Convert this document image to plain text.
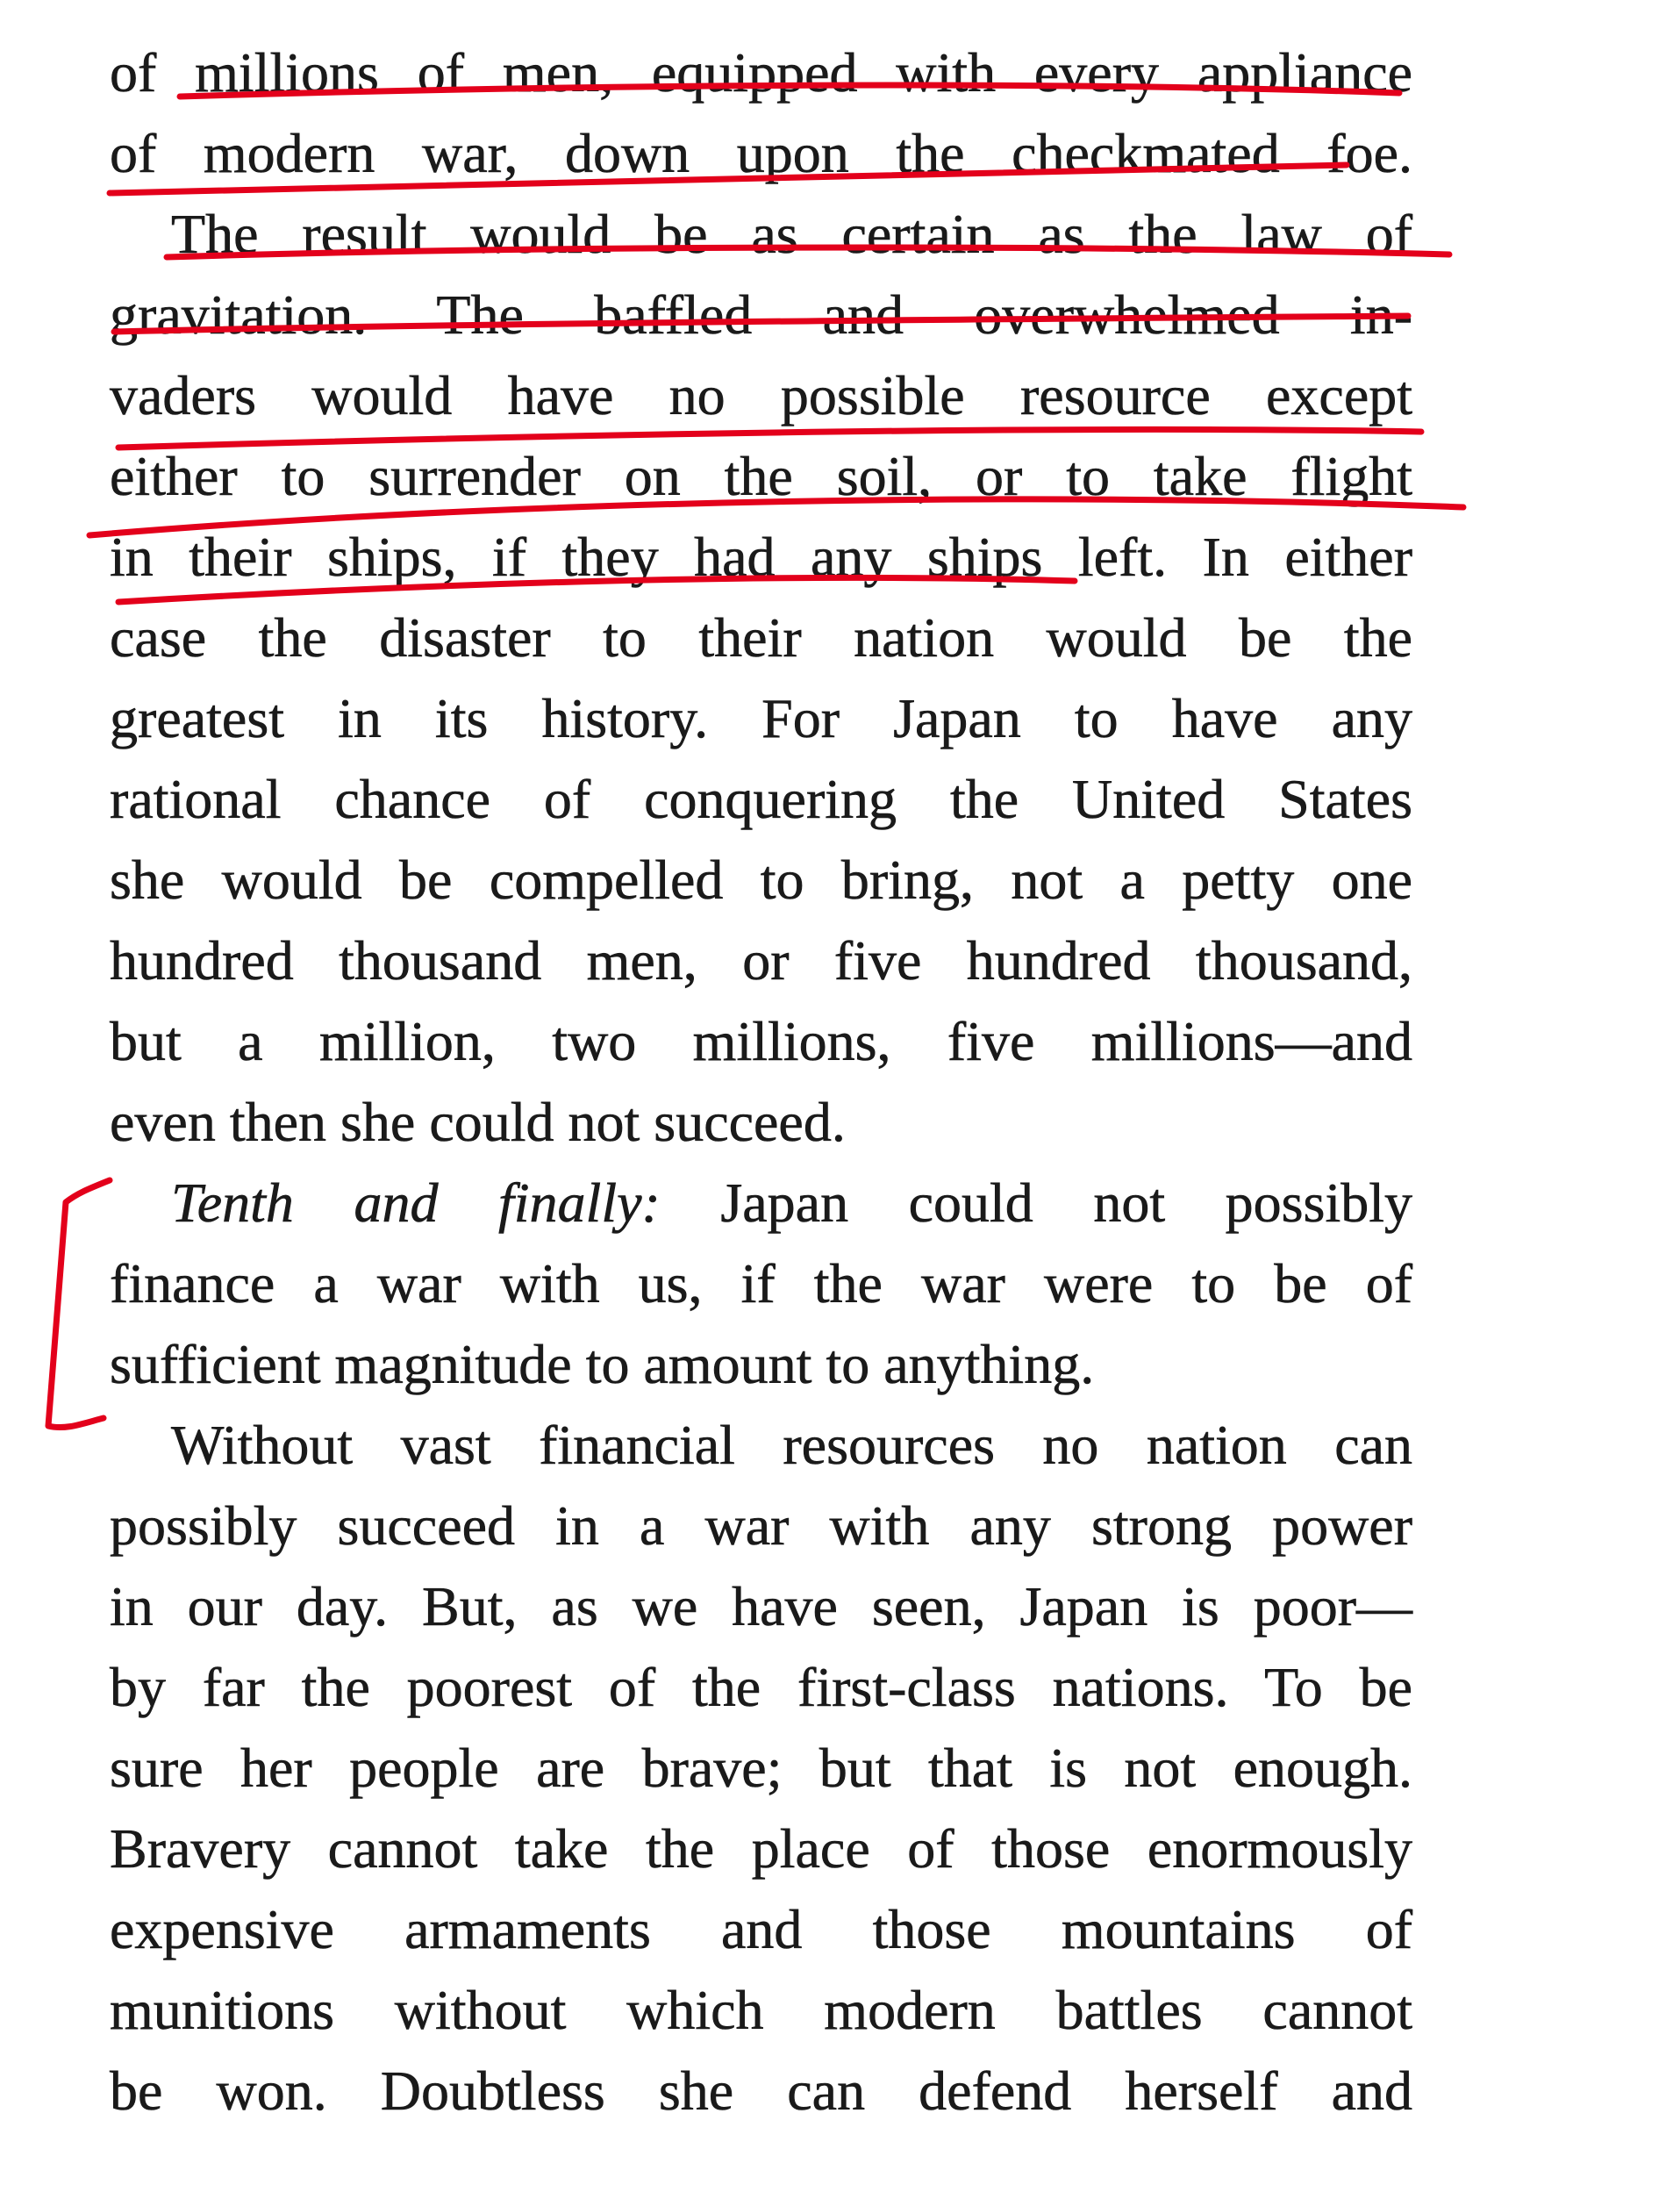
of millions of men, equipped with every appliance
of modern war, down upon the checkmated foe.
The result would be as certain as the law of
gravitation. The baffled and overwhelmed in-
vaders would have no possible resource except
either to surrender on the soil, or to take flight
in their ships, if they had any ships left. In either
case the disaster to their nation would be the
greatest in its history. For Japan to have any
rational chance of conquering the United States
she would be compelled to bring, not a petty one
hundred thousand men, or five hundred thousand,
but a million, two millions, five millions—and
even then she could not succeed.
Tenth and finally: Japan could not possibly
finance a war with us, if the war were to be of
sufficient magnitude to amount to anything.
Without vast financial resources no nation can
possibly succeed in a war with any strong power
in our day. But, as we have seen, Japan is poor—
by far the poorest of the first-class nations. To be
sure her people are brave; but that is not enough.
Bravery cannot take the place of those enormously
expensive armaments and those mountains of
munitions without which modern battles cannot
be won. Doubtless she can defend herself and
